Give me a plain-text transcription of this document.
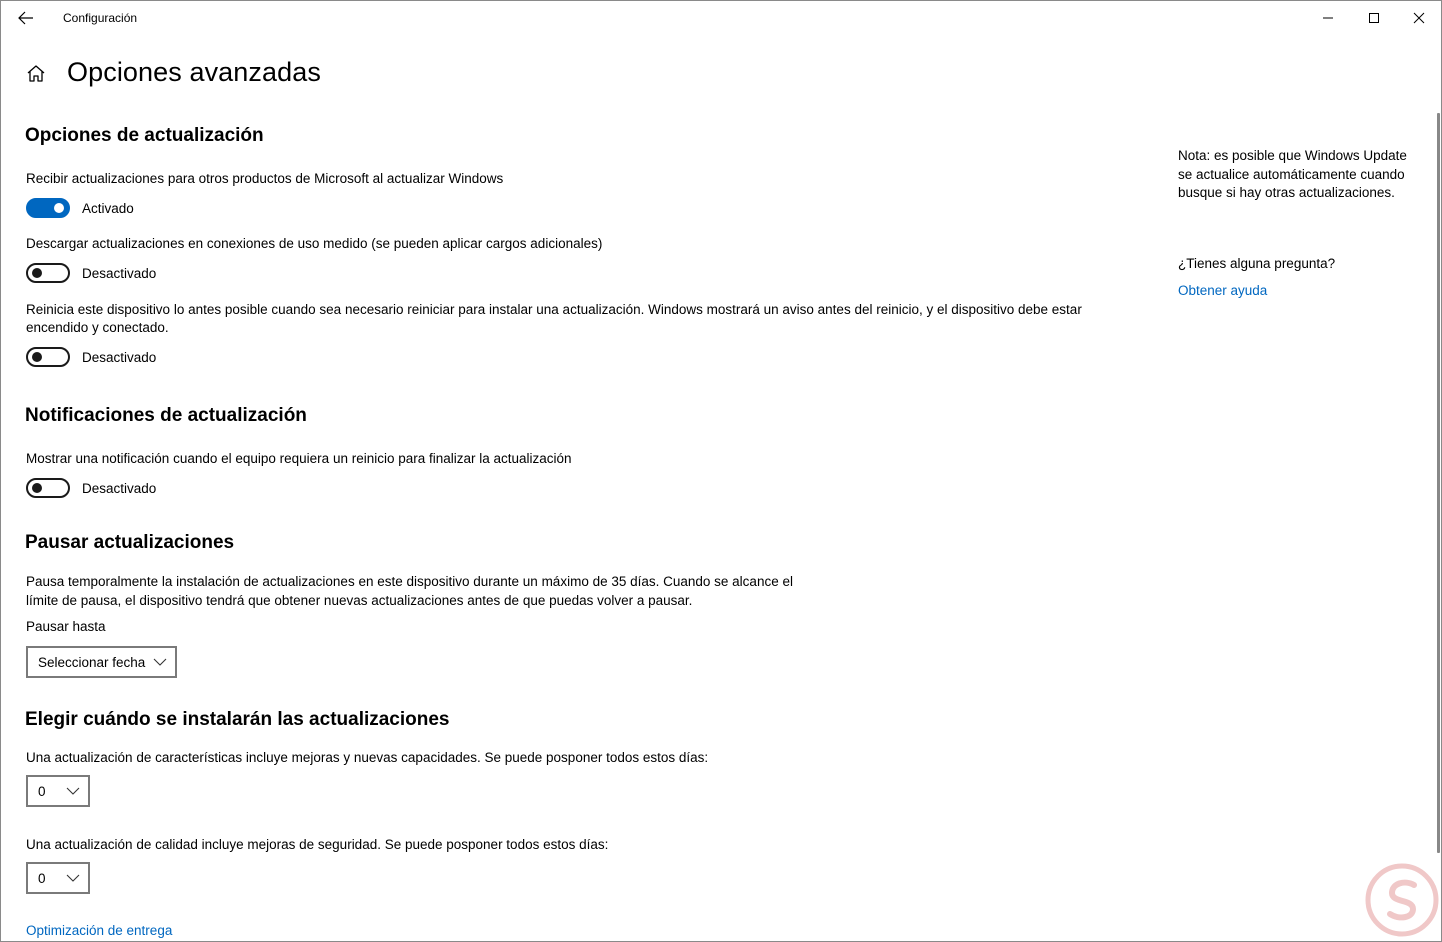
Configuración
Opciones avanzadas
Opciones de actualización

Recibir actualizaciones para otros productos de Microsoft al actualizar Windows

Activado

Descargar actualizaciones en conexiones de uso medido (se pueden aplicar cargos adicionales)

Desactivado

Reinicia este dispositivo lo antes posible cuando sea necesario reiniciar para instalar una actualización. Windows mostrará un aviso antes del reinicio, y el dispositivo debe estar

encendido y conectado.

Desactivado
Notificaciones de actualización

Mostrar una notificación cuando el equipo requiera un reinicio para finalizar la actualización

Desactivado
Pausar actualizaciones

Pausa temporalmente la instalación de actualizaciones en este dispositivo durante un máximo de 35 días. Cuando se alcance el

límite de pausa, el dispositivo tendrá que obtener nuevas actualizaciones antes de que puedas volver a pausar.

Pausar hasta

Seleccionar fecha
Elegir cuándo se instalarán las actualizaciones

Una actualización de características incluye mejoras y nuevas capacidades. Se puede posponer todos estos días:

0

Una actualización de calidad incluye mejoras de seguridad. Se puede posponer todos estos días:

0
Optimización de entrega

Nota: es posible que Windows Update

se actualice automáticamente cuando

busque si hay otras actualizaciones.

¿Tienes alguna pregunta?

Obtener ayuda
